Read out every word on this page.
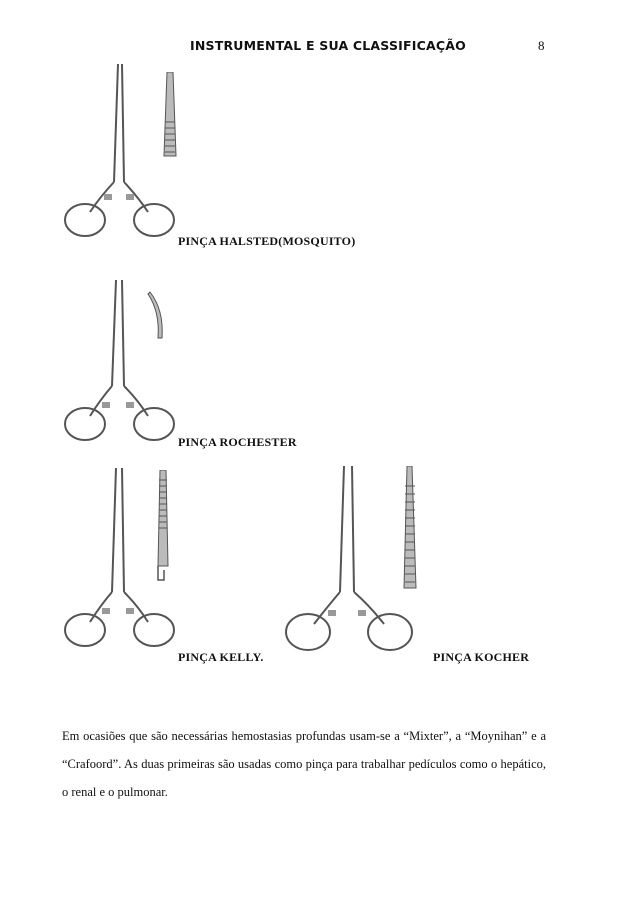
INSTRUMENTAL E SUA CLASSIFICAÇÃO	8
PINÇA HALSTED(MOSQUITO)
PINÇA ROCHESTER
PINÇA KELLY.	PINÇA KOCHER

Em ocasiões que são necessárias hemostasias profundas usam-se a “Mixter”, a “Moynihan” e a “Crafoord”. As duas primeiras são usadas como pinça para trabalhar pedículos como o hepático, o renal e o pulmonar.
